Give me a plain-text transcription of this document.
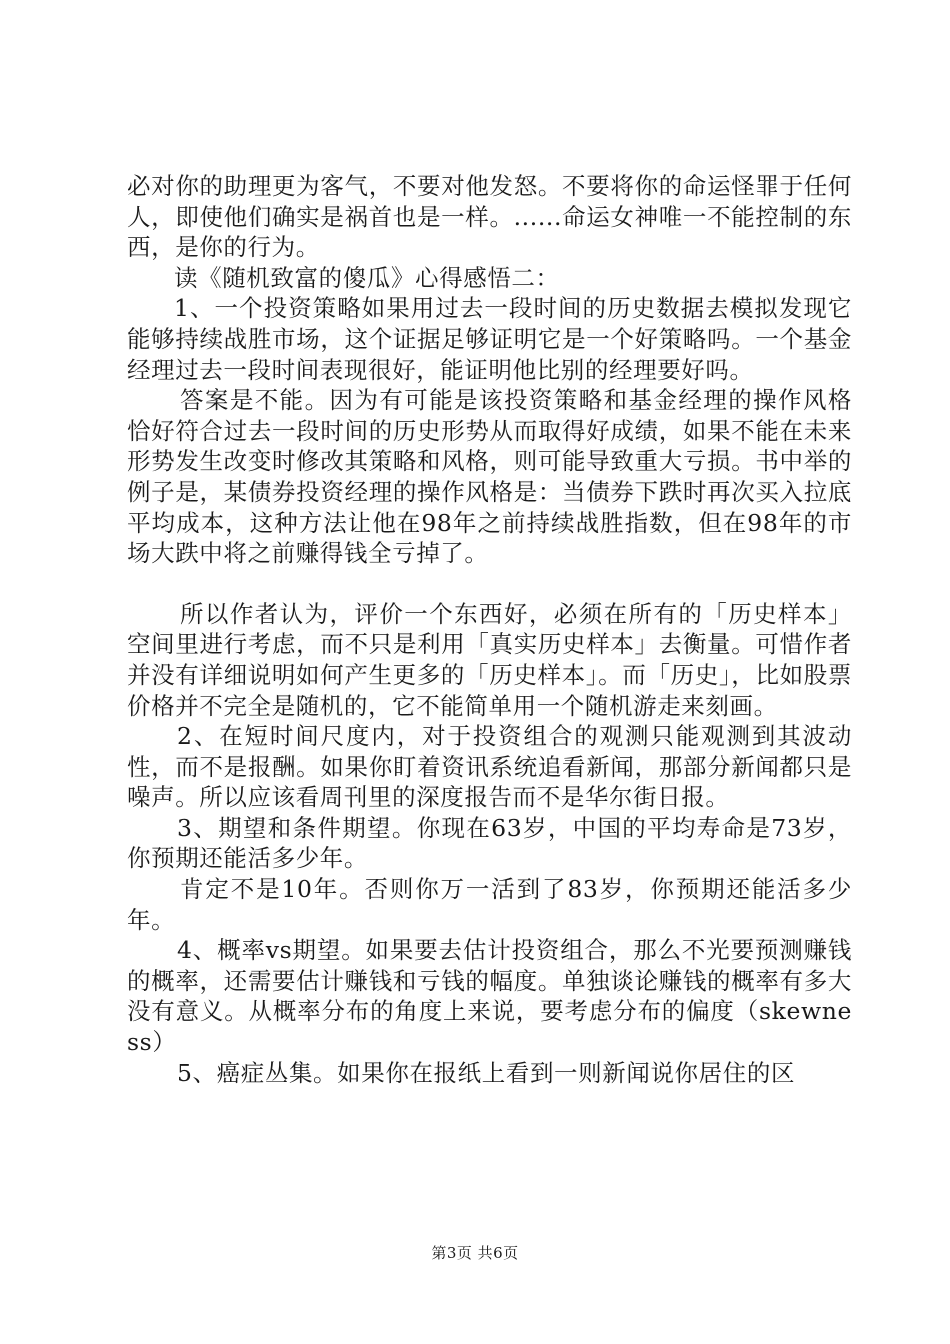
必对你的助理更为客气，不要对他发怒。不要将你的命运怪罪于任何人，即使他们确实是祸首也是一样。......命运女神唯一不能控制的东西，是你的行为。

读《随机致富的傻瓜》心得感悟二：

1、一个投资策略如果用过去一段时间的历史数据去模拟发现它能够持续战胜市场，这个证据足够证明它是一个好策略吗。一个基金经理过去一段时间表现很好，能证明他比别的经理要好吗。

答案是不能。因为有可能是该投资策略和基金经理的操作风格恰好符合过去一段时间的历史形势从而取得好成绩，如果不能在未来形势发生改变时修改其策略和风格，则可能导致重大亏损。书中举的例子是，某债券投资经理的操作风格是：当债券下跌时再次买入拉底平均成本，这种方法让他在98年之前持续战胜指数，但在98年的市场大跌中将之前赚得钱全亏掉了。

所以作者认为，评价一个东西好，必须在所有的「历史样本」空间里进行考虑，而不只是利用「真实历史样本」去衡量。可惜作者并没有详细说明如何产生更多的「历史样本」。而「历史」，比如股票价格并不完全是随机的，它不能简单用一个随机游走来刻画。

2、在短时间尺度内，对于投资组合的观测只能观测到其波动性，而不是报酬。如果你盯着资讯系统追看新闻，那部分新闻都只是噪声。所以应该看周刊里的深度报告而不是华尔街日报。

3、期望和条件期望。你现在63岁，中国的平均寿命是73岁，你预期还能活多少年。

肯定不是10年。否则你万一活到了83岁，你预期还能活多少年。

4、概率vs期望。如果要去估计投资组合，那么不光要预测赚钱的概率，还需要估计赚钱和亏钱的幅度。单独谈论赚钱的概率有多大没有意义。从概率分布的角度上来说，要考虑分布的偏度（skewness）

5、癌症丛集。如果你在报纸上看到一则新闻说你居住的区

第3页 共6页
